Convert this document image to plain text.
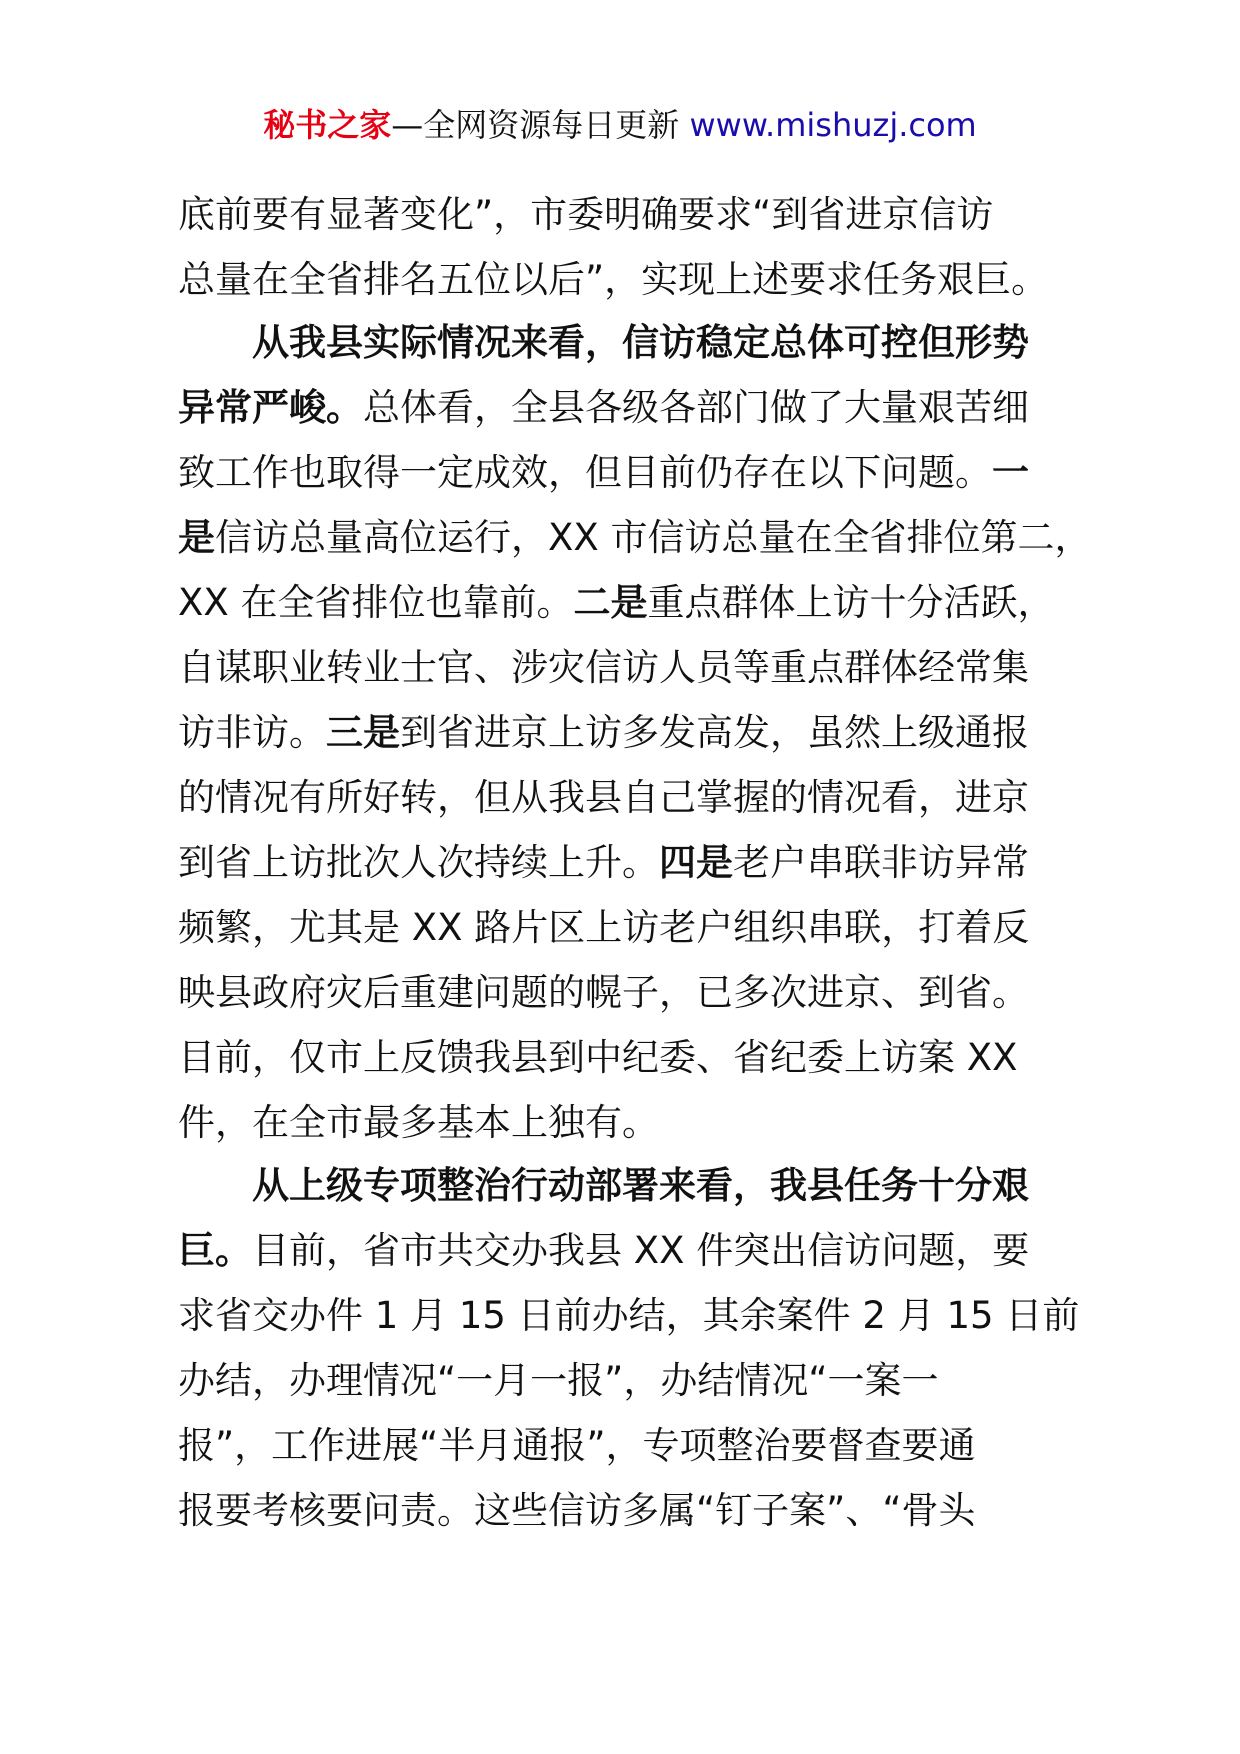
秘书之家—全网资源每日更新 www.mishuzj.com
底前要有显著变化”，市委明确要求“到省进京信访
总量在全省排名五位以后”，实现上述要求任务艰巨。
从我县实际情况来看，信访稳定总体可控但形势
异常严峻。总体看，全县各级各部门做了大量艰苦细
致工作也取得一定成效，但目前仍存在以下问题。一
是信访总量高位运行，XX 市信访总量在全省排位第二，
XX 在全省排位也靠前。二是重点群体上访十分活跃，
自谋职业转业士官、涉灾信访人员等重点群体经常集
访非访。三是到省进京上访多发高发，虽然上级通报
的情况有所好转，但从我县自己掌握的情况看，进京
到省上访批次人次持续上升。四是老户串联非访异常
频繁，尤其是 XX 路片区上访老户组织串联，打着反
映县政府灾后重建问题的幌子，已多次进京、到省。
目前，仅市上反馈我县到中纪委、省纪委上访案 XX
件，在全市最多基本上独有。
从上级专项整治行动部署来看，我县任务十分艰
巨。目前，省市共交办我县 XX 件突出信访问题，要
求省交办件 1 月 15 日前办结，其余案件 2 月 15 日前
办结，办理情况“一月一报”，办结情况“一案一
报”，工作进展“半月通报”，专项整治要督查要通
报要考核要问责。这些信访多属“钉子案”、“骨头
